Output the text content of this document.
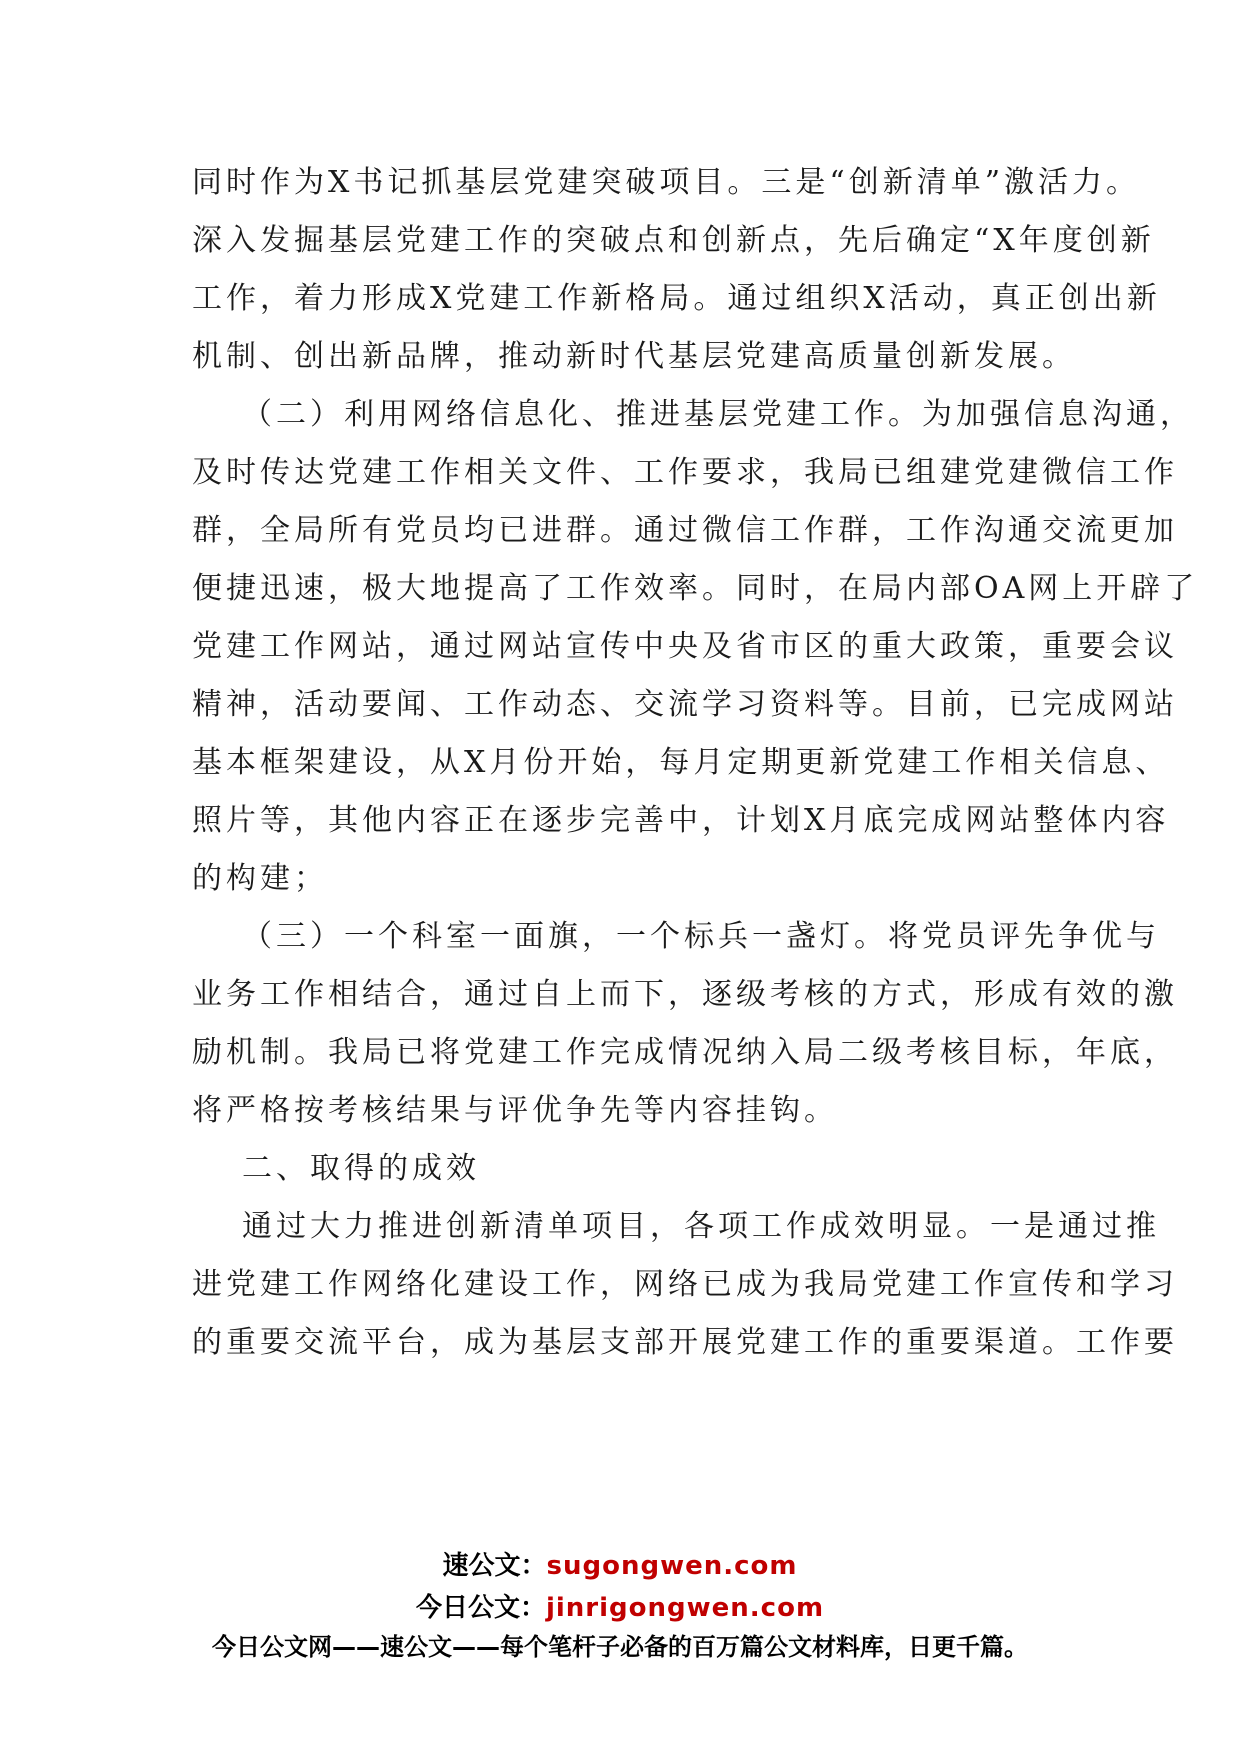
同时作为X书记抓基层党建突破项目。三是“创新清单”激活力。
深入发掘基层党建工作的突破点和创新点，先后确定“X年度创新
工作，着力形成X党建工作新格局。通过组织X活动，真正创出新
机制、创出新品牌，推动新时代基层党建高质量创新发展。
（二）利用网络信息化、推进基层党建工作。为加强信息沟通，
及时传达党建工作相关文件、工作要求，我局已组建党建微信工作
群，全局所有党员均已进群。通过微信工作群，工作沟通交流更加
便捷迅速，极大地提高了工作效率。同时，在局内部OA网上开辟了
党建工作网站，通过网站宣传中央及省市区的重大政策，重要会议
精神，活动要闻、工作动态、交流学习资料等。目前，已完成网站
基本框架建设，从X月份开始，每月定期更新党建工作相关信息、
照片等，其他内容正在逐步完善中，计划X月底完成网站整体内容
的构建；
（三）一个科室一面旗，一个标兵一盏灯。将党员评先争优与
业务工作相结合，通过自上而下，逐级考核的方式，形成有效的激
励机制。我局已将党建工作完成情况纳入局二级考核目标，年底，
将严格按考核结果与评优争先等内容挂钩。
二、取得的成效
通过大力推进创新清单项目，各项工作成效明显。一是通过推
进党建工作网络化建设工作，网络已成为我局党建工作宣传和学习
的重要交流平台，成为基层支部开展党建工作的重要渠道。工作要
速公文：sugongwen.com
今日公文：jinrigongwen.com
今日公文网——速公文——每个笔杆子必备的百万篇公文材料库，日更千篇。
